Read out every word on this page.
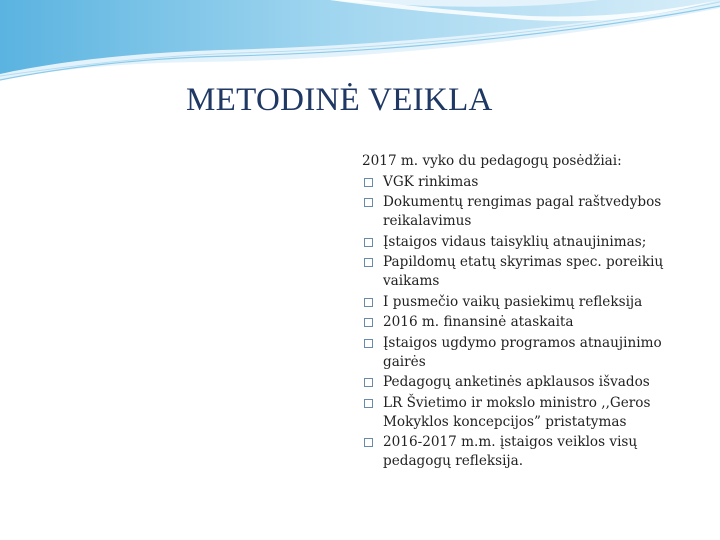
METODINĖ VEIKLA

2017 m. vyko du pedagogų posėdžiai:

VGK rinkimas
Dokumentų rengimas pagal raštvedybos reikalavimus
Įstaigos vidaus taisyklių atnaujinimas;
Papildomų etatų skyrimas spec. poreikių vaikams
I pusmečio vaikų pasiekimų refleksija
2016 m. finansinė ataskaita
Įstaigos ugdymo programos atnaujinimo gairės
Pedagogų anketinės apklausos išvados
LR Švietimo ir mokslo ministro ,,Geros Mokyklos koncepcijos” pristatymas
2016-2017 m.m. įstaigos veiklos visų pedagogų refleksija.
